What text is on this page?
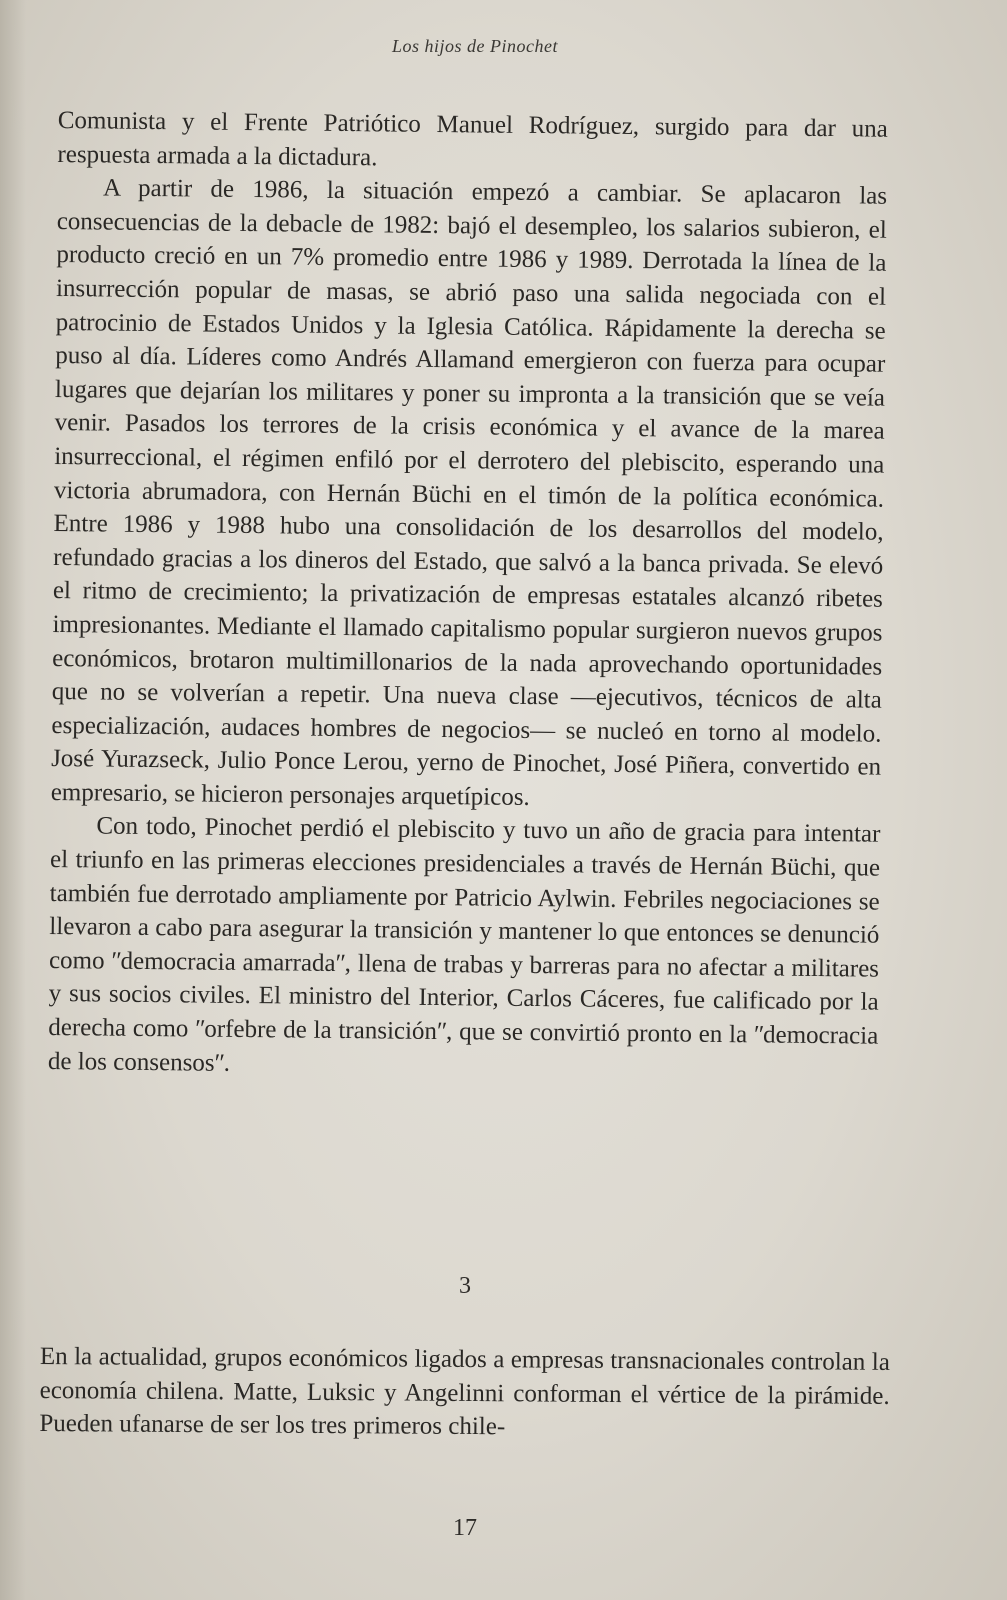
Los hijos de Pinochet

Comunista y el Frente Patriótico Manuel Rodríguez, surgido para dar una respuesta armada a la dictadura.

A partir de 1986, la situación empezó a cambiar. Se aplacaron las consecuencias de la debacle de 1982: bajó el desempleo, los salarios subieron, el producto creció en un 7% promedio entre 1986 y 1989. Derrotada la línea de la insurrección popular de masas, se abrió paso una salida negociada con el patrocinio de Estados Unidos y la Iglesia Católica. Rápidamente la derecha se puso al día. Líderes como Andrés Allamand emergieron con fuerza para ocupar lugares que dejarían los militares y poner su impronta a la transición que se veía venir. Pasados los terrores de la crisis económica y el avance de la marea insurreccional, el régimen enfiló por el derrotero del plebiscito, esperando una victoria abrumadora, con Hernán Büchi en el timón de la política económica. Entre 1986 y 1988 hubo una consolidación de los desarrollos del modelo, refundado gracias a los dineros del Estado, que salvó a la banca privada. Se elevó el ritmo de crecimiento; la privatización de empresas estatales alcanzó ribetes impresionantes. Mediante el llamado capitalismo popular surgieron nuevos grupos económicos, brotaron multimillonarios de la nada aprovechando oportunidades que no se volverían a repetir. Una nueva clase —ejecutivos, técnicos de alta especialización, audaces hombres de negocios— se nucleó en torno al modelo. José Yurazseck, Julio Ponce Lerou, yerno de Pinochet, José Piñera, convertido en empresario, se hicieron personajes arquetípicos.

Con todo, Pinochet perdió el plebiscito y tuvo un año de gracia para intentar el triunfo en las primeras elecciones presidenciales a través de Hernán Büchi, que también fue derrotado ampliamente por Patricio Aylwin. Febriles negociaciones se llevaron a cabo para asegurar la transición y mantener lo que entonces se denunció como ʺdemocracia amarradaʺ, llena de trabas y barreras para no afectar a militares y sus socios civiles. El ministro del Interior, Carlos Cáceres, fue calificado por la derecha como ʺorfebre de la transiciónʺ, que se convirtió pronto en la ʺdemocracia de los consensosʺ.

3

En la actualidad, grupos económicos ligados a empresas transnacionales controlan la economía chilena. Matte, Luksic y Angelinni conforman el vértice de la pirámide. Pueden ufanarse de ser los tres primeros chile-

17
